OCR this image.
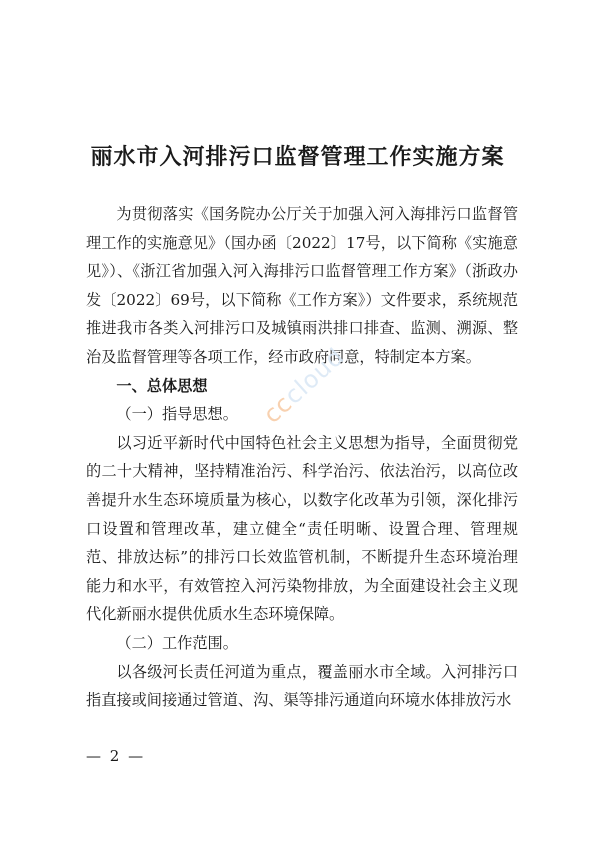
丽水市入河排污口监督管理工作实施方案

为贯彻落实《国务院办公厅关于加强入河入海排污口监督管理工作的实施意见》（国办函〔2022〕17号，以下简称《实施意见》）、《浙江省加强入河入海排污口监督管理工作方案》（浙政办发〔2022〕69号，以下简称《工作方案》）文件要求，系统规范推进我市各类入河排污口及城镇雨洪排口排查、监测、溯源、整治及监督管理等各项工作，经市政府同意，特制定本方案。

一、总体思想

（一）指导思想。

以习近平新时代中国特色社会主义思想为指导，全面贯彻党的二十大精神，坚持精准治污、科学治污、依法治污，以高位改善提升水生态环境质量为核心，以数字化改革为引领，深化排污口设置和管理改革，建立健全“责任明晰、设置合理、管理规范、排放达标”的排污口长效监管机制，不断提升生态环境治理能力和水平，有效管控入河污染物排放，为全面建设社会主义现代化新丽水提供优质水生态环境保障。

（二）工作范围。

以各级河长责任河道为重点，覆盖丽水市全域。入河排污口指直接或间接通过管道、沟、渠等排污通道向环境水体排放污水

cccloud
— 2 —
